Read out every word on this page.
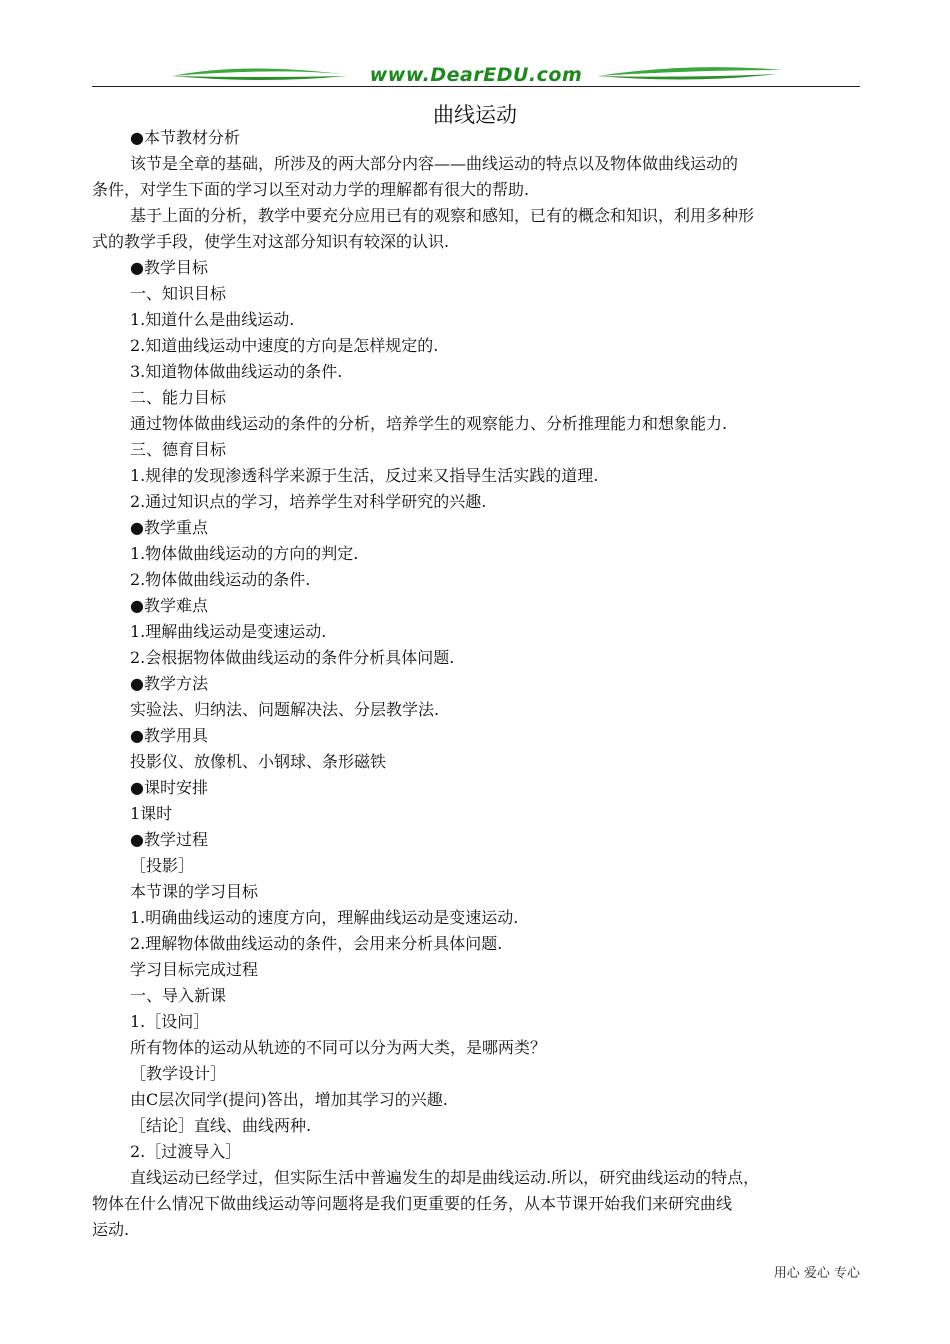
www.DearEDU.com
曲线运动
●本节教材分析
该节是全章的基础，所涉及的两大部分内容——曲线运动的特点以及物体做曲线运动的
条件，对学生下面的学习以至对动力学的理解都有很大的帮助.
基于上面的分析，教学中要充分应用已有的观察和感知，已有的概念和知识，利用多种形
式的教学手段，使学生对这部分知识有较深的认识.
●教学目标
一、知识目标
1.知道什么是曲线运动.
2.知道曲线运动中速度的方向是怎样规定的.
3.知道物体做曲线运动的条件.
二、能力目标
通过物体做曲线运动的条件的分析，培养学生的观察能力、分析推理能力和想象能力.
三、德育目标
1.规律的发现渗透科学来源于生活，反过来又指导生活实践的道理.
2.通过知识点的学习，培养学生对科学研究的兴趣.
●教学重点
1.物体做曲线运动的方向的判定.
2.物体做曲线运动的条件.
●教学难点
1.理解曲线运动是变速运动.
2.会根据物体做曲线运动的条件分析具体问题.
●教学方法
实验法、归纳法、问题解决法、分层教学法.
●教学用具
投影仪、放像机、小钢球、条形磁铁
●课时安排
1课时
●教学过程
［投影］
本节课的学习目标
1.明确曲线运动的速度方向，理解曲线运动是变速运动.
2.理解物体做曲线运动的条件，会用来分析具体问题.
学习目标完成过程
一、导入新课
1.［设问］
所有物体的运动从轨迹的不同可以分为两大类，是哪两类？
［教学设计］
由C层次同学(提问)答出，增加其学习的兴趣.
［结论］直线、曲线两种.
2.［过渡导入］
直线运动已经学过，但实际生活中普遍发生的却是曲线运动.所以，研究曲线运动的特点，
物体在什么情况下做曲线运动等问题将是我们更重要的任务，从本节课开始我们来研究曲线
运动.
用心 爱心 专心
